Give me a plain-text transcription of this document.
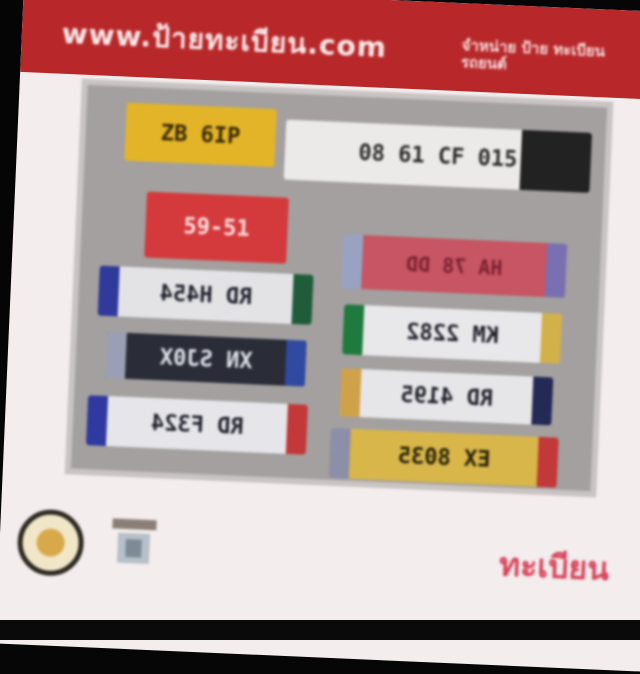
www.ป้ายทะเบียน.com	จำหน่าย ป้าย ทะเบียน รถยนต์
ZB 6IP
08 61 CF 015
59-51
HA 78 DD
RD H454
KM 2282
XN SJ0X
RD 4195
RD F324
EX 8035
ทะเบียน
